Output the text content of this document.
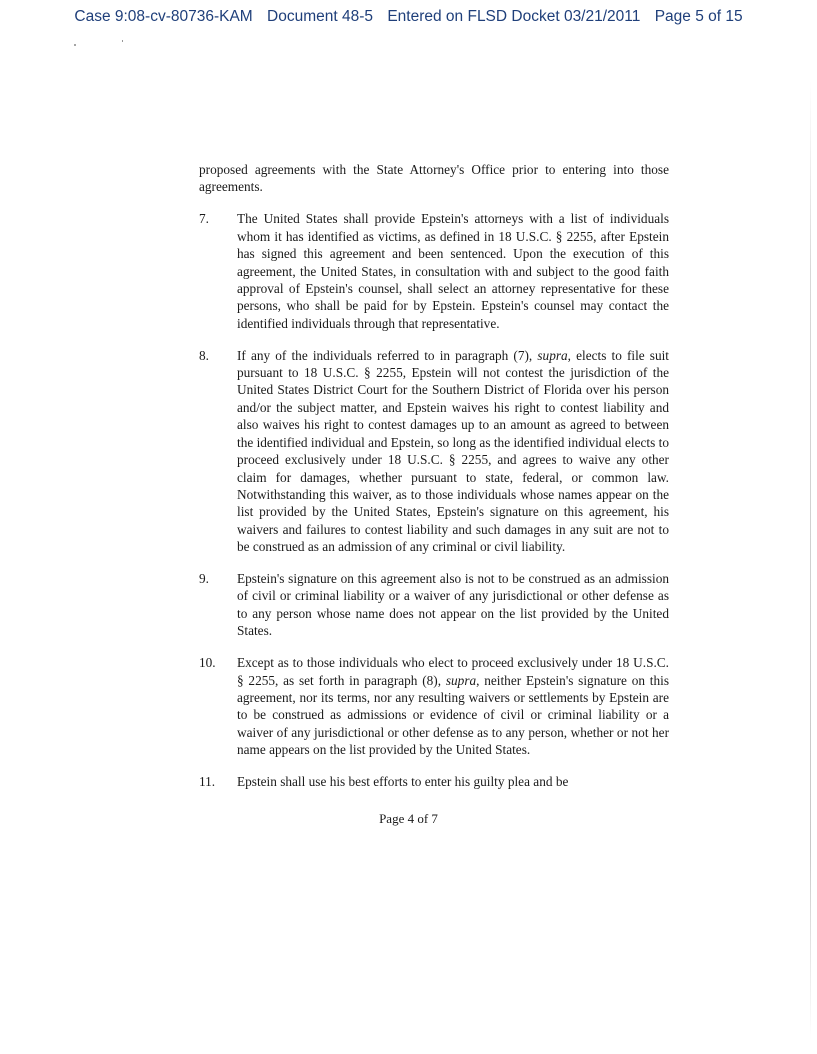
Case 9:08-cv-80736-KAM Document 48-5 Entered on FLSD Docket 03/21/2011 Page 5 of 15

proposed agreements with the State Attorney's Office prior to entering into those agreements.

7.	The United States shall provide Epstein's attorneys with a list of individuals whom it has identified as victims, as defined in 18 U.S.C. § 2255, after Epstein has signed this agreement and been sentenced. Upon the execution of this agreement, the United States, in consultation with and subject to the good faith approval of Epstein's counsel, shall select an attorney representative for these persons, who shall be paid for by Epstein. Epstein's counsel may contact the identified individuals through that representative.
8.	If any of the individuals referred to in paragraph (7), supra, elects to file suit pursuant to 18 U.S.C. § 2255, Epstein will not contest the jurisdiction of the United States District Court for the Southern District of Florida over his person and/or the subject matter, and Epstein waives his right to contest liability and also waives his right to contest damages up to an amount as agreed to between the identified individual and Epstein, so long as the identified individual elects to proceed exclusively under 18 U.S.C. § 2255, and agrees to waive any other claim for damages, whether pursuant to state, federal, or common law. Notwithstanding this waiver, as to those individuals whose names appear on the list provided by the United States, Epstein's signature on this agreement, his waivers and failures to contest liability and such damages in any suit are not to be construed as an admission of any criminal or civil liability.
9.	Epstein's signature on this agreement also is not to be construed as an admission of civil or criminal liability or a waiver of any jurisdictional or other defense as to any person whose name does not appear on the list provided by the United States.
10.	Except as to those individuals who elect to proceed exclusively under 18 U.S.C. § 2255, as set forth in paragraph (8), supra, neither Epstein's signature on this agreement, nor its terms, nor any resulting waivers or settlements by Epstein are to be construed as admissions or evidence of civil or criminal liability or a waiver of any jurisdictional or other defense as to any person, whether or not her name appears on the list provided by the United States.
11.	Epstein shall use his best efforts to enter his guilty plea and be
Page 4 of 7
